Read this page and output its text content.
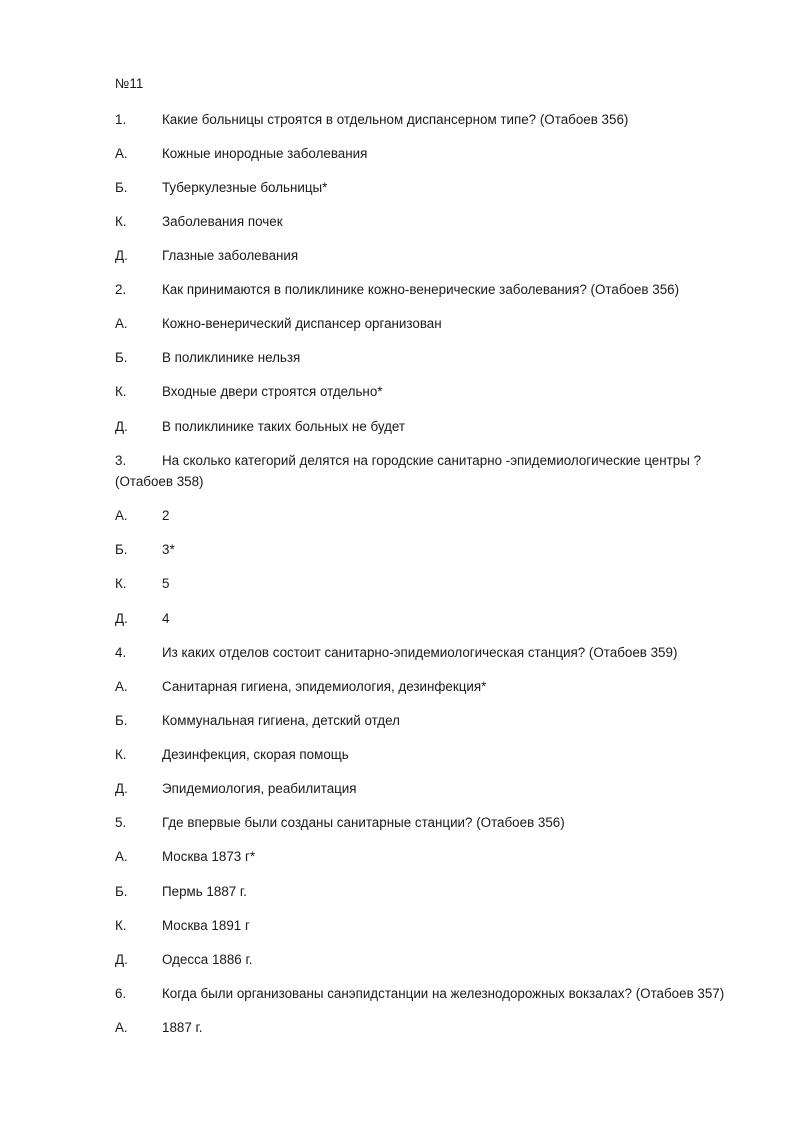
№11
1.	Какие больницы строятся в отдельном диспансерном типе? (Отабоев 356)
А.	Кожные инородные заболевания
Б.	Туберкулезные больницы*
К.	Заболевания почек
Д.	Глазные заболевания
2.	Как принимаются в поликлинике кожно-венерические заболевания? (Отабоев 356)
А.	Кожно-венерический диспансер организован
Б.	В поликлинике нельзя
К.	Входные двери строятся отдельно*
Д.	В поликлинике таких больных не будет
3.	На сколько категорий делятся на городские санитарно -эпидемиологические центры ?
(Отабоев 358)
А.	2
Б.	3*
К.	5
Д.	4
4.	Из каких отделов состоит санитарно-эпидемиологическая станция? (Отабоев 359)
А.	Санитарная гигиена, эпидемиология, дезинфекция*
Б.	Коммунальная гигиена, детский отдел
К.	Дезинфекция, скорая помощь
Д.	Эпидемиология, реабилитация
5.	Где впервые были созданы санитарные станции? (Отабоев 356)
А.	Москва 1873 г*
Б.	Пермь 1887 г.
К.	Москва 1891 г
Д.	Одесса 1886 г.
6.	Когда были организованы санэпидстанции на железнодорожных вокзалах? (Отабоев 357)
А.	1887 г.
